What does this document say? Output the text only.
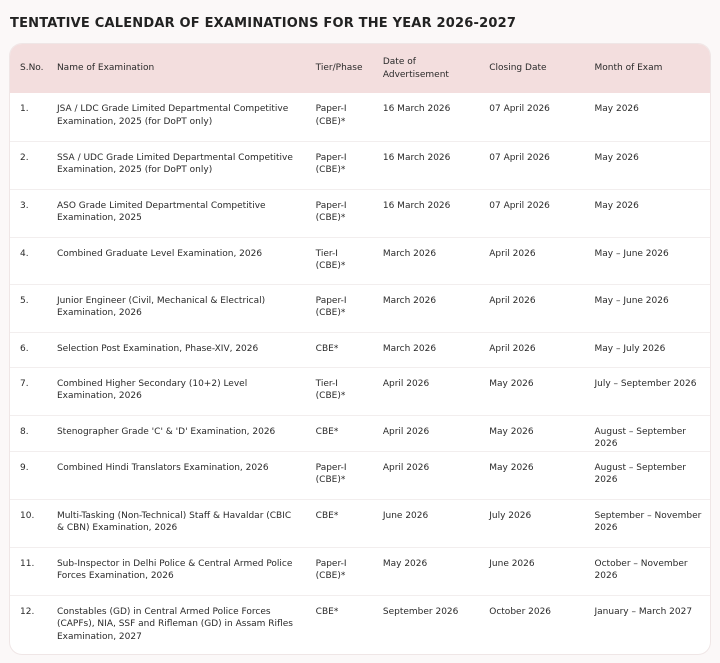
TENTATIVE CALENDAR OF EXAMINATIONS FOR THE YEAR 2026-2027
S.No.	Name of Examination	Tier/Phase	Date of Advertisement	Closing Date	Month of Exam
1.	JSA / LDC Grade Limited Departmental Competitive Examination, 2025 (for DoPT only)	Paper-I (CBE)*	16 March 2026	07 April 2026	May 2026
2.	SSA / UDC Grade Limited Departmental Competitive Examination, 2025 (for DoPT only)	Paper-I (CBE)*	16 March 2026	07 April 2026	May 2026
3.	ASO Grade Limited Departmental Competitive Examination, 2025	Paper-I (CBE)*	16 March 2026	07 April 2026	May 2026
4.	Combined Graduate Level Examination, 2026	Tier-I (CBE)*	March 2026	April 2026	May – June 2026
5.	Junior Engineer (Civil, Mechanical & Electrical) Examination, 2026	Paper-I (CBE)*	March 2026	April 2026	May – June 2026
6.	Selection Post Examination, Phase-XIV, 2026	CBE*	March 2026	April 2026	May – July 2026
7.	Combined Higher Secondary (10+2) Level Examination, 2026	Tier-I (CBE)*	April 2026	May 2026	July – September 2026
8.	Stenographer Grade 'C' & 'D' Examination, 2026	CBE*	April 2026	May 2026	August – September 2026
9.	Combined Hindi Translators Examination, 2026	Paper-I (CBE)*	April 2026	May 2026	August – September 2026
10.	Multi-Tasking (Non-Technical) Staff & Havaldar (CBIC & CBN) Examination, 2026	CBE*	June 2026	July 2026	September – November 2026
11.	Sub-Inspector in Delhi Police & Central Armed Police Forces Examination, 2026	Paper-I (CBE)*	May 2026	June 2026	October – November 2026
12.	Constables (GD) in Central Armed Police Forces (CAPFs), NIA, SSF and Rifleman (GD) in Assam Rifles Examination, 2027	CBE*	September 2026	October 2026	January – March 2027
